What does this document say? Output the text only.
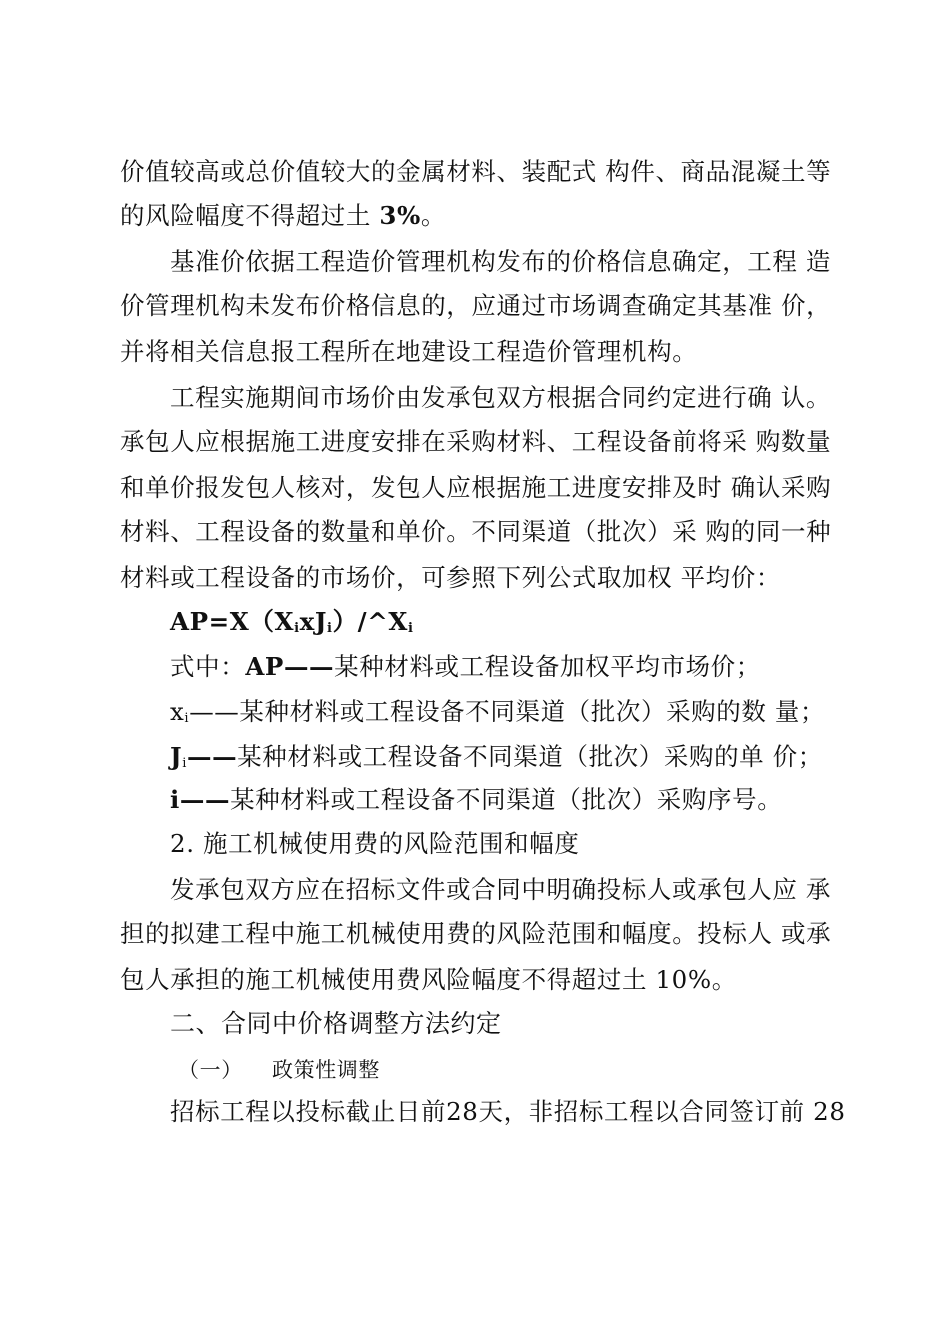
价值较高或总价值较大的金属材料、装配式 构件、商品混凝土等
的风险幅度不得超过土 3%。
基准价依据工程造价管理机构发布的价格信息确定，工程 造
价管理机构未发布价格信息的，应通过市场调查确定其基准 价，
并将相关信息报工程所在地建设工程造价管理机构。
工程实施期间市场价由发承包双方根据合同约定进行确 认。
承包人应根据施工进度安排在采购材料、工程设备前将采 购数量
和单价报发包人核对，发包人应根据施工进度安排及时 确认采购
材料、工程设备的数量和单价。不同渠道（批次）采 购的同一种
材料或工程设备的市场价，可参照下列公式取加权 平均价：
$AP=X(X_ixJ_i)/\^{}X_i$
式中：AP——某种材料或工程设备加权平均市场价；
$x_i——$某种材料或工程设备不同渠道（批次）采购的数 量；
$J_i——$某种材料或工程设备不同渠道（批次）采购的单 价；
i——某种材料或工程设备不同渠道（批次）采购序号。
2. 施工机械使用费的风险范围和幅度
发承包双方应在招标文件或合同中明确投标人或承包人应 承
担的拟建工程中施工机械使用费的风险范围和幅度。投标人 或承
包人承担的施工机械使用费风险幅度不得超过土 10%。
二、合同中价格调整方法约定
（一）	政策性调整
招标工程以投标截止日前28天，非招标工程以合同签订前 28
